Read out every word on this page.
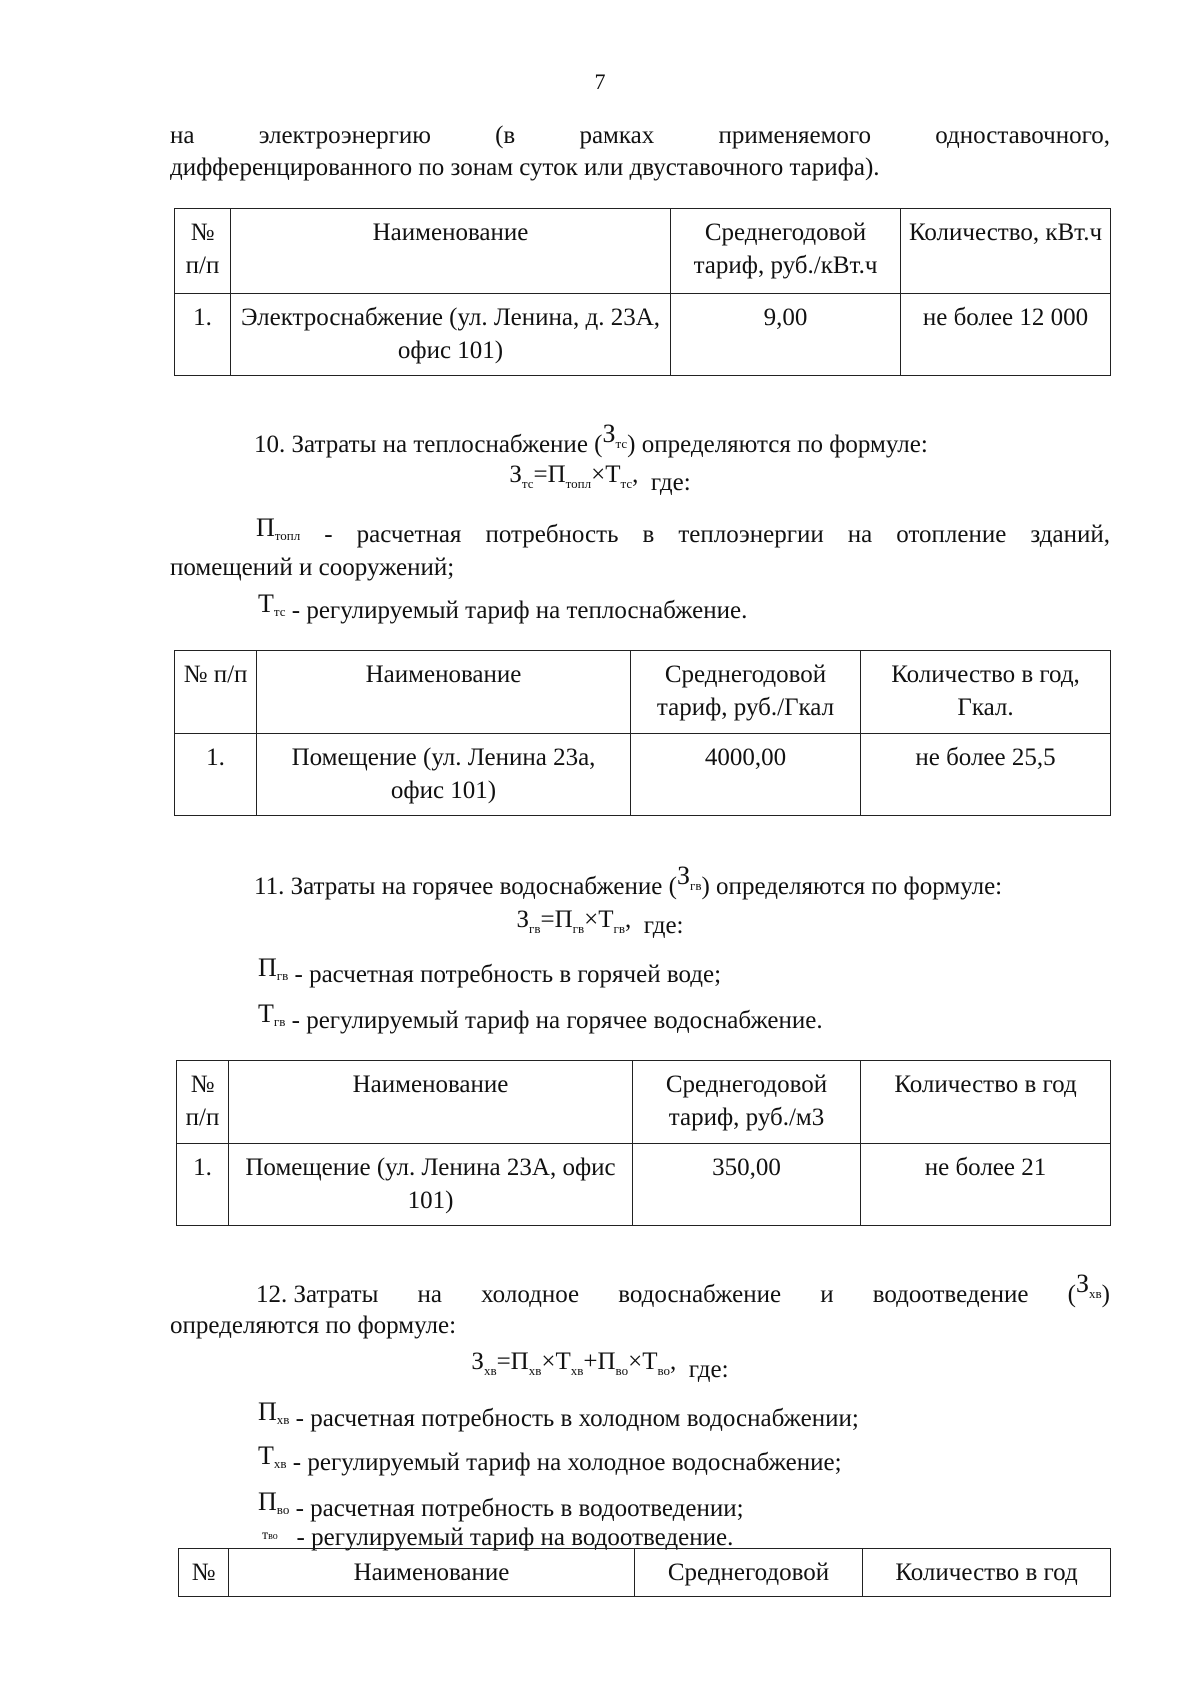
7
на	электроэнергию	(в	рамках	применяемого	одноставочного,
дифференцированного по зонам суток или двуставочного тарифа).
№ п/п	Наименование	Среднегодовой тариф, руб./кВт.ч	Количество, кВт.ч
1.	Электроснабжение (ул. Ленина, д. 23А, офис 101)	9,00	не более 12 000
10. Затраты на теплоснабжение $(З_{тс})$ определяются по формуле:
$З_{тс}=П_{топл}\times Т_{тс}$, где:
$П_{топл}$ - расчетная потребность в теплоэнергии на отопление зданий,
помещений и сооружений;
$Т_{тс}$ - регулируемый тариф на теплоснабжение.
№ п/п	Наименование	Среднегодовой тариф, руб./Гкал	Количество в год, Гкал.
1.	Помещение (ул. Ленина 23а, офис 101)	4000,00	не более 25,5
11. Затраты на горячее водоснабжение $(З_{гв})$ определяются по формуле:
$З_{гв}=П_{гв}\times Т_{гв}$, где:
$П_{гв}$ - расчетная потребность в горячей воде;
$Т_{гв}$ - регулируемый тариф на горячее водоснабжение.
№ п/п	Наименование	Среднегодовой тариф, руб./м3	Количество в год
1.	Помещение (ул. Ленина 23А, офис 101)	350,00	не более 21
12. Затраты на холодное водоснабжение и водоотведение $(З_{хв})$
определяются по формуле:
$З_{хв}=П_{хв}\times Т_{хв}+П_{во}\times Т_{во}$, где:
$П_{хв}$ - расчетная потребность в холодном водоснабжении;
$Т_{хв}$ - регулируемый тариф на холодное водоснабжение;
$П_{во}$ - расчетная потребность в водоотведении;
$^{тво}$ - регулируемый тариф на водоотведение.
№	Наименование	Среднегодовой	Количество в год
